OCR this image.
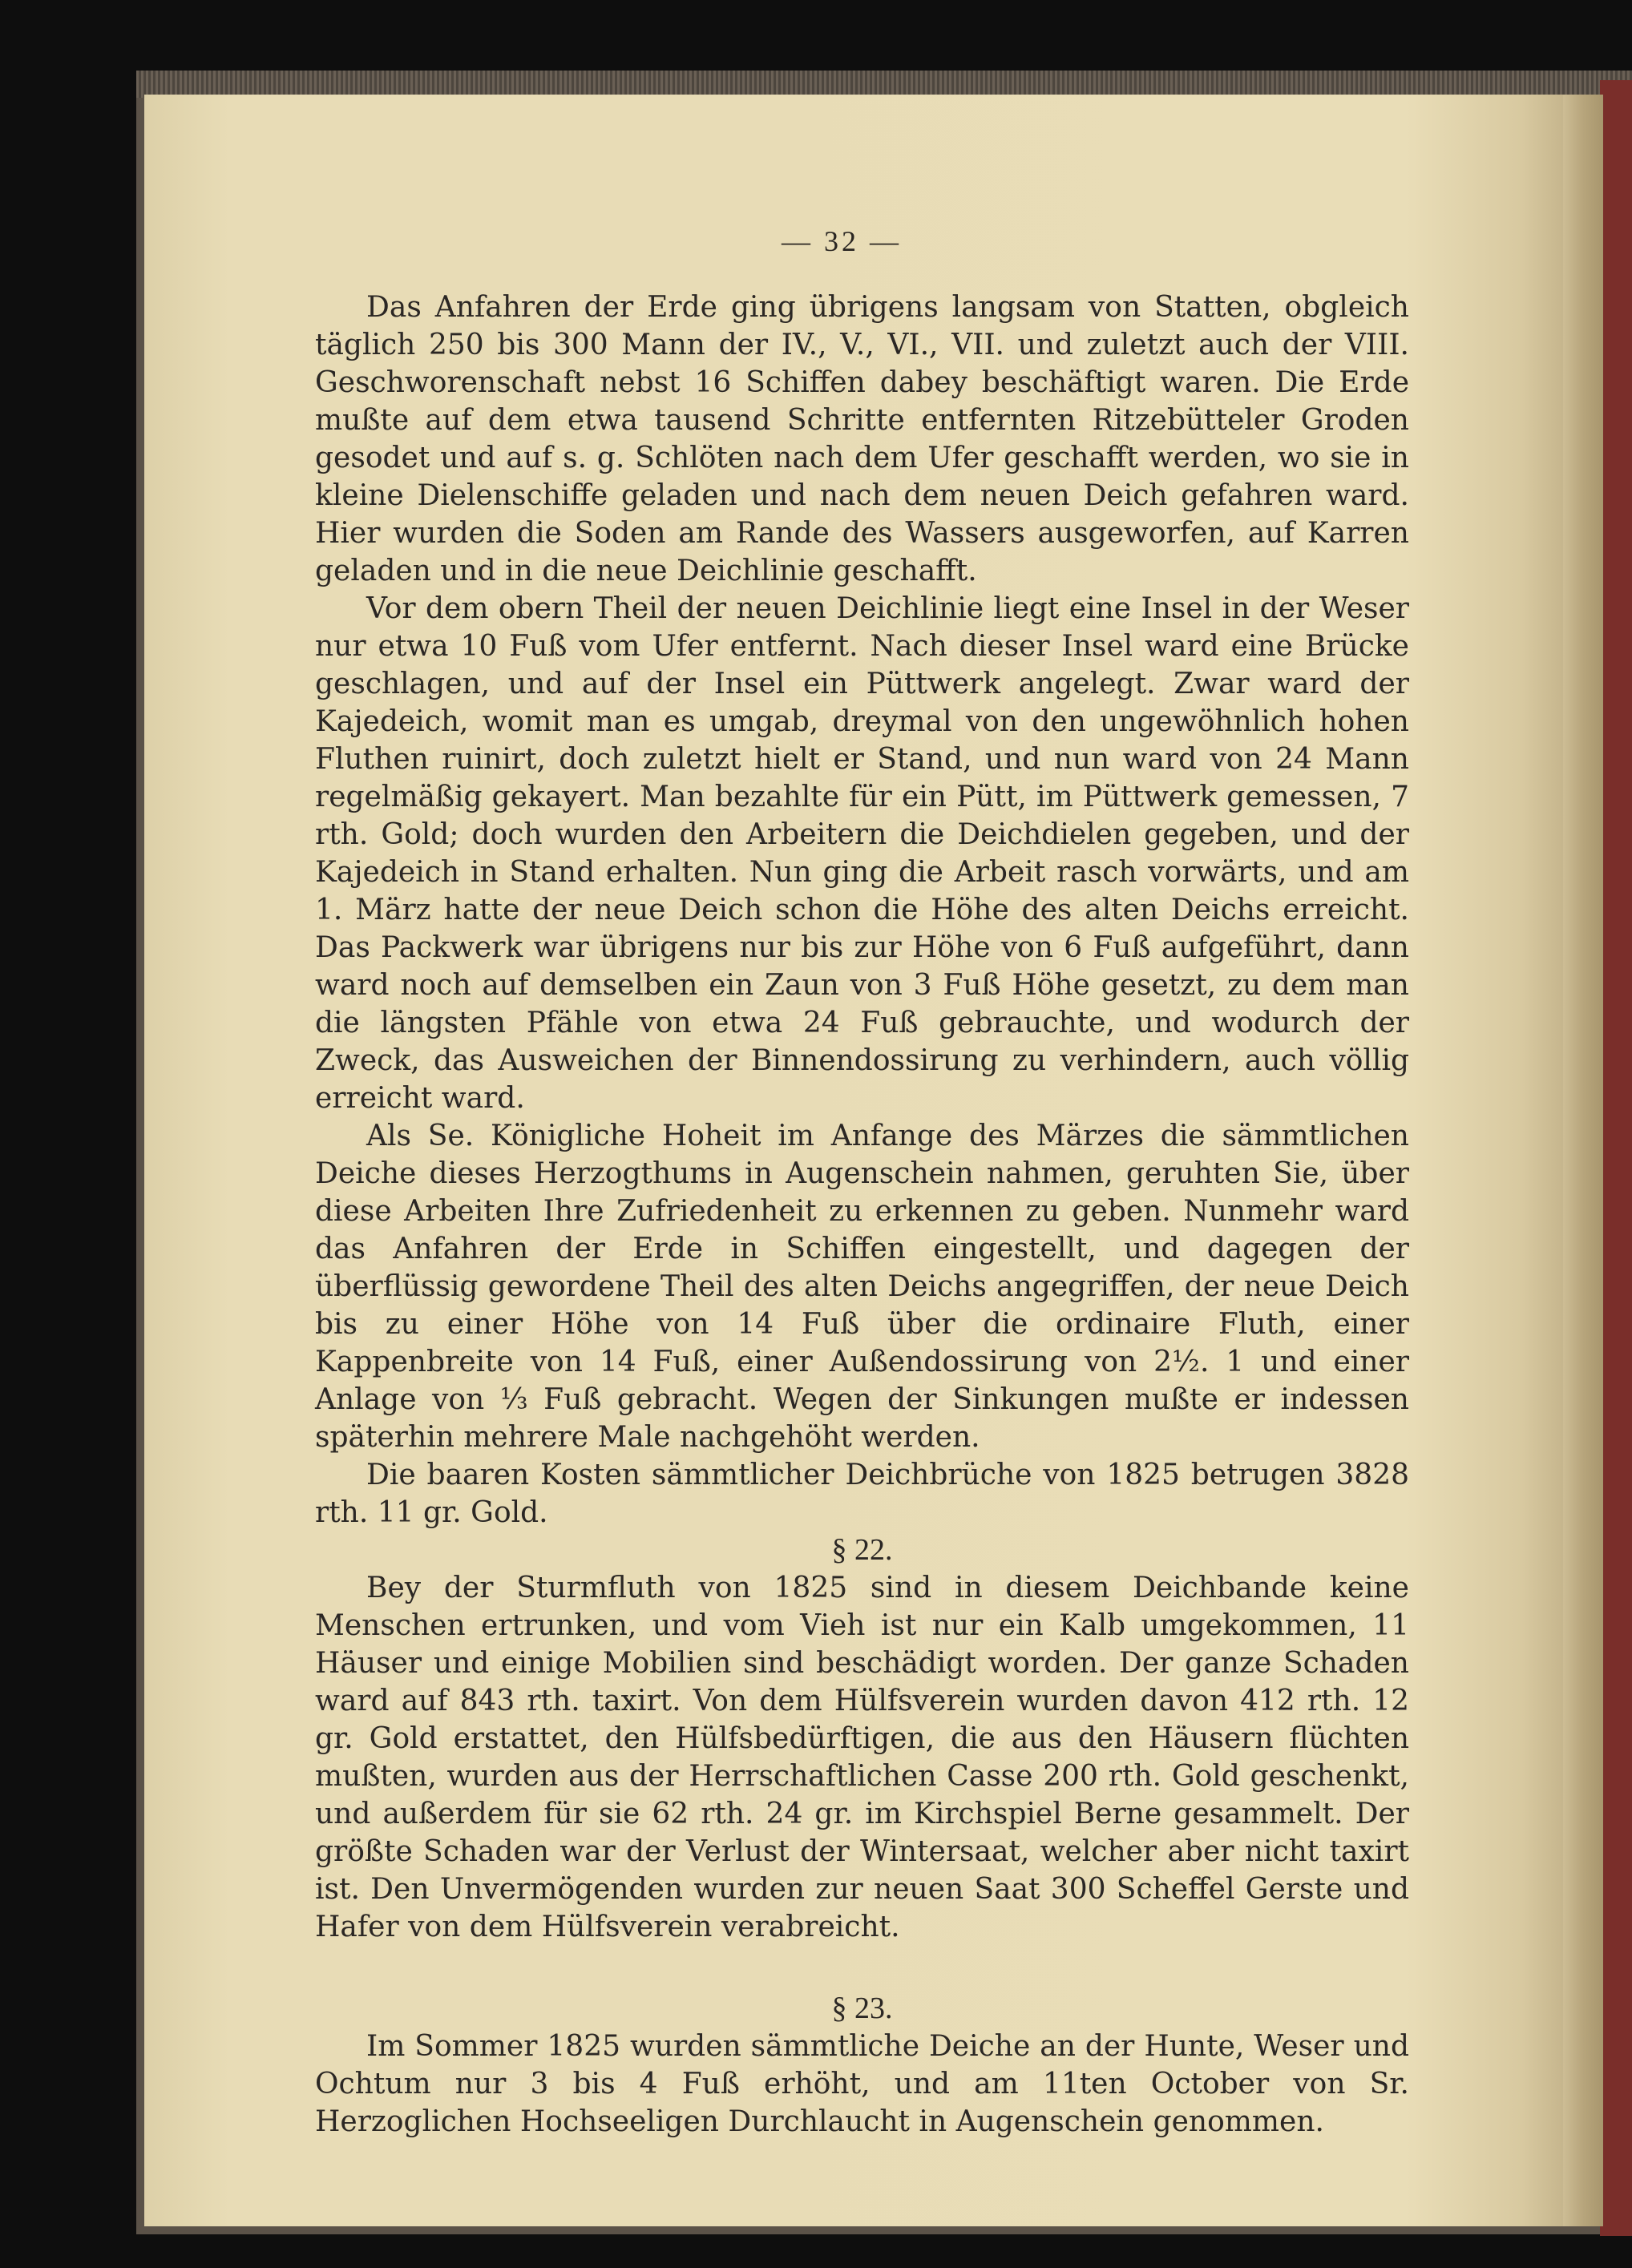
— 32 —

Das Anfahren der Erde ging übrigens langsam von Statten, obgleich täglich 250 bis 300 Mann der IV., V., VI., VII. und zuletzt auch der VIII. Geschworenschaft nebst 16 Schiffen dabey beschäftigt waren. Die Erde mußte auf dem etwa tausend Schritte entfernten Ritzebütteler Groden gesodet und auf s. g. Schlöten nach dem Ufer geschafft werden, wo sie in kleine Dielenschiffe geladen und nach dem neuen Deich gefahren ward. Hier wurden die Soden am Rande des Wassers ausgeworfen, auf Karren geladen und in die neue Deichlinie geschafft.

Vor dem obern Theil der neuen Deichlinie liegt eine Insel in der Weser nur etwa 10 Fuß vom Ufer entfernt. Nach dieser Insel ward eine Brücke geschlagen, und auf der Insel ein Püttwerk angelegt. Zwar ward der Kajedeich, womit man es umgab, dreymal von den ungewöhnlich hohen Fluthen ruinirt, doch zuletzt hielt er Stand, und nun ward von 24 Mann regelmäßig gekayert. Man bezahlte für ein Pütt, im Püttwerk gemessen, 7 rth. Gold; doch wurden den Arbeitern die Deichdielen gegeben, und der Kajedeich in Stand erhalten. Nun ging die Arbeit rasch vorwärts, und am 1. März hatte der neue Deich schon die Höhe des alten Deichs erreicht. Das Packwerk war übrigens nur bis zur Höhe von 6 Fuß aufgeführt, dann ward noch auf demselben ein Zaun von 3 Fuß Höhe gesetzt, zu dem man die längsten Pfähle von etwa 24 Fuß gebrauchte, und wodurch der Zweck, das Ausweichen der Binnendossirung zu verhindern, auch völlig erreicht ward.

Als Se. Königliche Hoheit im Anfange des Märzes die sämmtlichen Deiche dieses Herzogthums in Augenschein nahmen, geruhten Sie, über diese Arbeiten Ihre Zufriedenheit zu erkennen zu geben. Nunmehr ward das Anfahren der Erde in Schiffen eingestellt, und dagegen der überflüssig gewordene Theil des alten Deichs angegriffen, der neue Deich bis zu einer Höhe von 14 Fuß über die ordinaire Fluth, einer Kappenbreite von 14 Fuß, einer Außendossirung von 2½. 1 und einer Anlage von ⅓ Fuß gebracht. Wegen der Sinkungen mußte er indessen späterhin mehrere Male nachgehöht werden.

Die baaren Kosten sämmtlicher Deichbrüche von 1825 betrugen 3828 rth. 11 gr. Gold.

§ 22.

Bey der Sturmfluth von 1825 sind in diesem Deichbande keine Menschen ertrunken, und vom Vieh ist nur ein Kalb umgekommen, 11 Häuser und einige Mobilien sind beschädigt worden. Der ganze Schaden ward auf 843 rth. taxirt. Von dem Hülfsverein wurden davon 412 rth. 12 gr. Gold erstattet, den Hülfsbedürftigen, die aus den Häusern flüchten mußten, wurden aus der Herrschaftlichen Casse 200 rth. Gold geschenkt, und außerdem für sie 62 rth. 24 gr. im Kirchspiel Berne gesammelt. Der größte Schaden war der Verlust der Wintersaat, welcher aber nicht taxirt ist. Den Unvermögenden wurden zur neuen Saat 300 Scheffel Gerste und Hafer von dem Hülfsverein verabreicht.

§ 23.

Im Sommer 1825 wurden sämmtliche Deiche an der Hunte, Weser und Ochtum nur 3 bis 4 Fuß erhöht, und am 11ten October von Sr. Herzoglichen Hochseeligen Durchlaucht in Augenschein genommen.
